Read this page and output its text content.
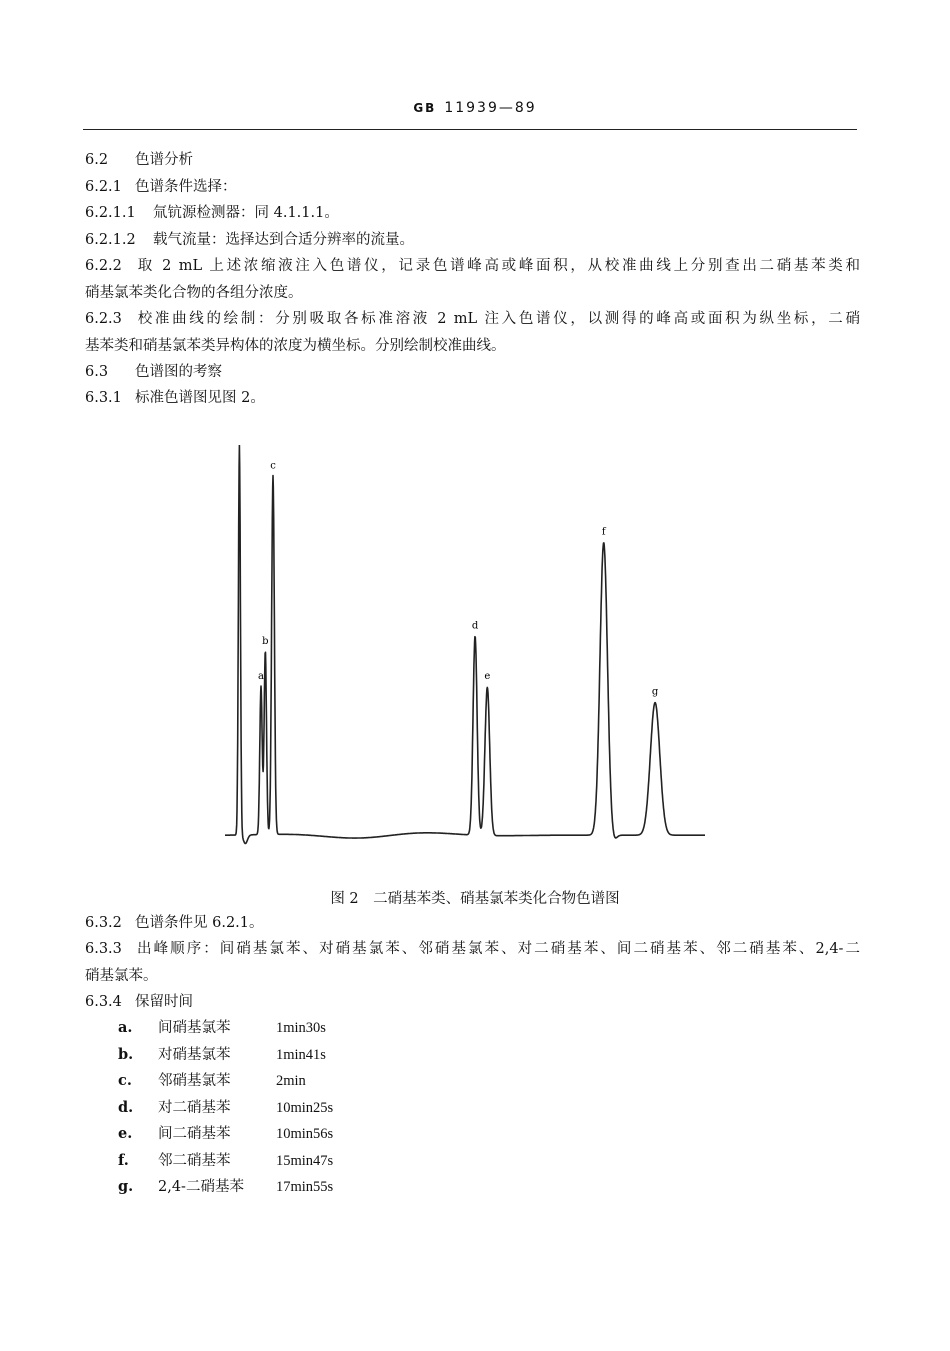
GB 11939—89
6.2 色谱分析
6.2.1 色谱条件选择：
6.2.1.1 氚钪源检测器：同 4.1.1.1。
6.2.1.2 载气流量：选择达到合适分辨率的流量。
6.2.2 取 2 mL 上述浓缩液注入色谱仪，记录色谱峰高或峰面积，从校准曲线上分别查出二硝基苯类和
硝基氯苯类化合物的各组分浓度。
6.2.3 校准曲线的绘制：分别吸取各标准溶液 2 mL 注入色谱仪，以测得的峰高或面积为纵坐标，二硝
基苯类和硝基氯苯类异构体的浓度为横坐标。分别绘制校准曲线。
6.3 色谱图的考察
6.3.1 标准色谱图见图 2。
a
b
c
d
e
f
g
图 2　二硝基苯类、硝基氯苯类化合物色谱图
6.3.2 色谱条件见 6.2.1。
6.3.3 出峰顺序：间硝基氯苯、对硝基氯苯、邻硝基氯苯、对二硝基苯、间二硝基苯、邻二硝基苯、2,4-二
硝基氯苯。
6.3.4 保留时间
a. 间硝基氯苯	1min30s
b. 对硝基氯苯	1min41s
c. 邻硝基氯苯	2min
d. 对二硝基苯	10min25s
e. 间二硝基苯	10min56s
f. 邻二硝基苯	15min47s
g. 2,4-二硝基苯 17min55s
